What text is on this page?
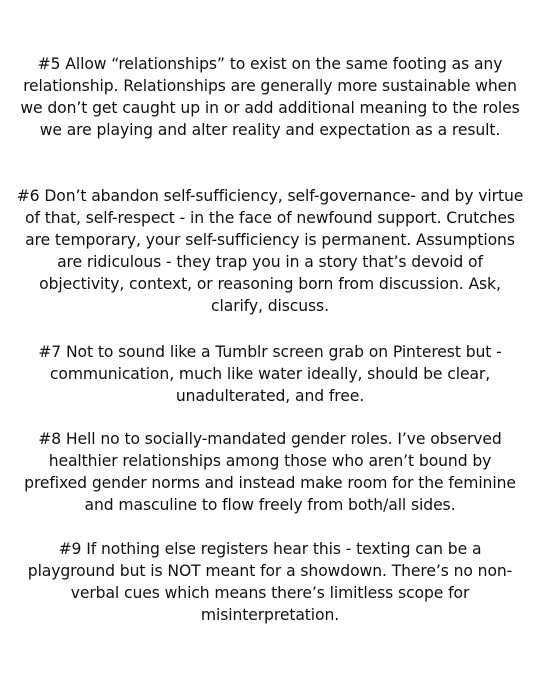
#5 Allow “relationships” to exist on the same footing as any relationship. Relationships are generally more sustainable when we don’t get caught up in or add additional meaning to the roles we are playing and alter reality and expectation as a result.

#6 Don’t abandon self-sufficiency, self-governance- and by virtue of that, self-respect - in the face of newfound support. Crutches are temporary, your self-sufficiency is permanent. Assumptions are ridiculous - they trap you in a story that’s devoid of objectivity, context, or reasoning born from discussion. Ask, clarify, discuss.

#7 Not to sound like a Tumblr screen grab on Pinterest but - communication, much like water ideally, should be clear, unadulterated, and free.

#8 Hell no to socially-mandated gender roles. I’ve observed healthier relationships among those who aren’t bound by prefixed gender norms and instead make room for the feminine and masculine to flow freely from both/all sides.

#9 If nothing else registers hear this - texting can be a playground but is NOT meant for a showdown. There’s no non-verbal cues which means there’s limitless scope for misinterpretation.
